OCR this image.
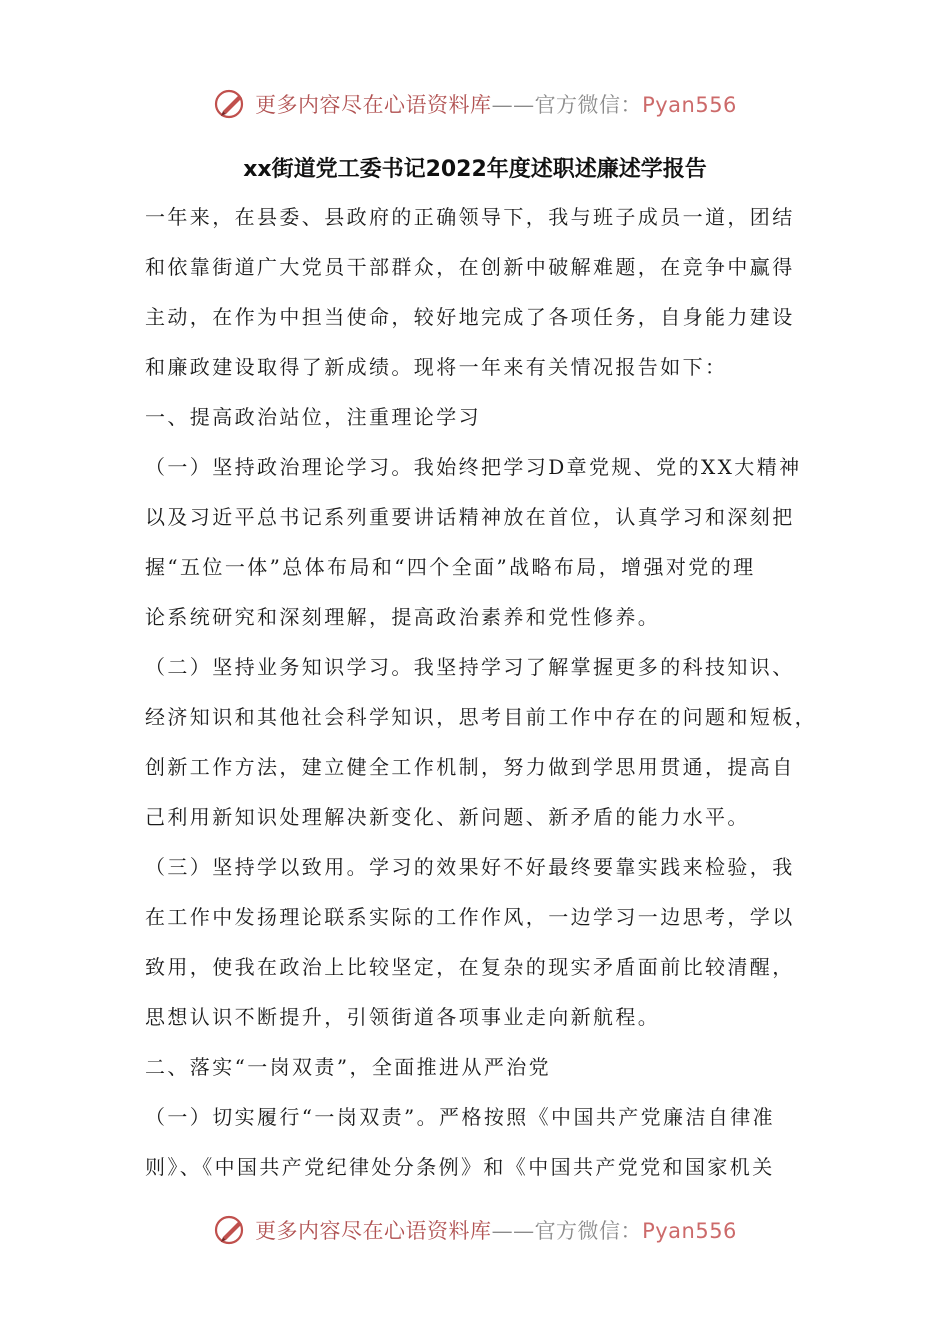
更多内容尽在心语资料库——官方微信：Pyan556
xx街道党工委书记2022年度述职述廉述学报告
一年来，在县委、县政府的正确领导下，我与班子成员一道，团结
和依靠街道广大党员干部群众，在创新中破解难题，在竞争中赢得
主动，在作为中担当使命，较好地完成了各项任务，自身能力建设
和廉政建设取得了新成绩。现将一年来有关情况报告如下：
一、提高政治站位，注重理论学习
（一）坚持政治理论学习。我始终把学习D章党规、党的XX大精神
以及习近平总书记系列重要讲话精神放在首位，认真学习和深刻把
握“五位一体”总体布局和“四个全面”战略布局，增强对党的理
论系统研究和深刻理解，提高政治素养和党性修养。
（二）坚持业务知识学习。我坚持学习了解掌握更多的科技知识、
经济知识和其他社会科学知识，思考目前工作中存在的问题和短板，
创新工作方法，建立健全工作机制，努力做到学思用贯通，提高自
己利用新知识处理解决新变化、新问题、新矛盾的能力水平。
（三）坚持学以致用。学习的效果好不好最终要靠实践来检验，我
在工作中发扬理论联系实际的工作作风，一边学习一边思考，学以
致用，使我在政治上比较坚定，在复杂的现实矛盾面前比较清醒，
思想认识不断提升，引领街道各项事业走向新航程。
二、落实“一岗双责”，全面推进从严治党
（一）切实履行“一岗双责”。严格按照《中国共产党廉洁自律准
则》、《中国共产党纪律处分条例》和《中国共产党党和国家机关
更多内容尽在心语资料库——官方微信：Pyan556
